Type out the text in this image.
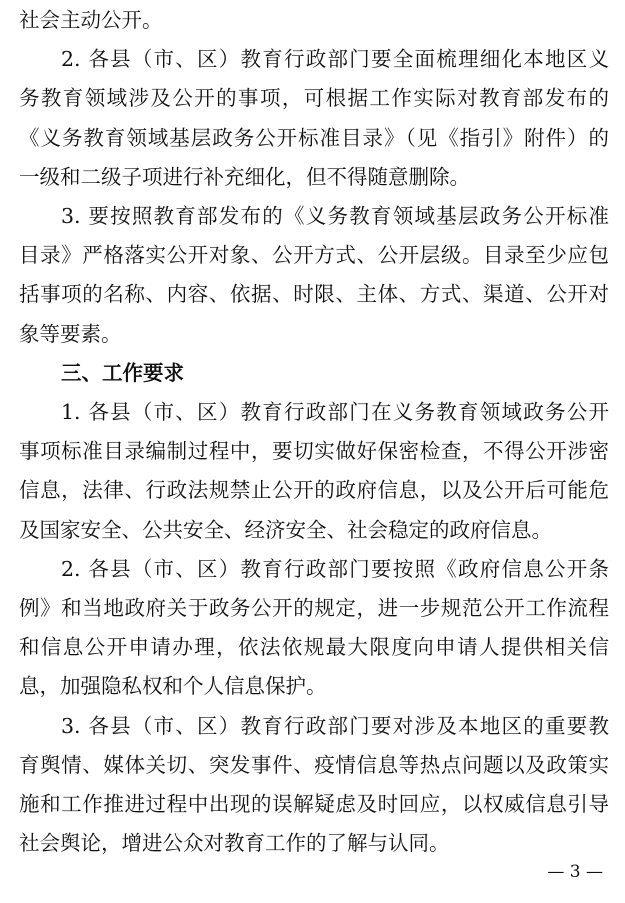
社会主动公开。
2. 各县（市、区）教育行政部门要全面梳理细化本地区义
务教育领域涉及公开的事项，可根据工作实际对教育部发布的
《义务教育领域基层政务公开标准目录》（见《指引》附件）的
一级和二级子项进行补充细化，但不得随意删除。
3. 要按照教育部发布的《义务教育领域基层政务公开标准
目录》严格落实公开对象、公开方式、公开层级。目录至少应包
括事项的名称、内容、依据、时限、主体、方式、渠道、公开对
象等要素。
三、工作要求
1. 各县（市、区）教育行政部门在义务教育领域政务公开
事项标准目录编制过程中，要切实做好保密检查，不得公开涉密
信息，法律、行政法规禁止公开的政府信息，以及公开后可能危
及国家安全、公共安全、经济安全、社会稳定的政府信息。
2. 各县（市、区）教育行政部门要按照《政府信息公开条
例》和当地政府关于政务公开的规定，进一步规范公开工作流程
和信息公开申请办理，依法依规最大限度向申请人提供相关信
息，加强隐私权和个人信息保护。
3. 各县（市、区）教育行政部门要对涉及本地区的重要教
育舆情、媒体关切、突发事件、疫情信息等热点问题以及政策实
施和工作推进过程中出现的误解疑虑及时回应，以权威信息引导
社会舆论，增进公众对教育工作的了解与认同。
— 3 —
